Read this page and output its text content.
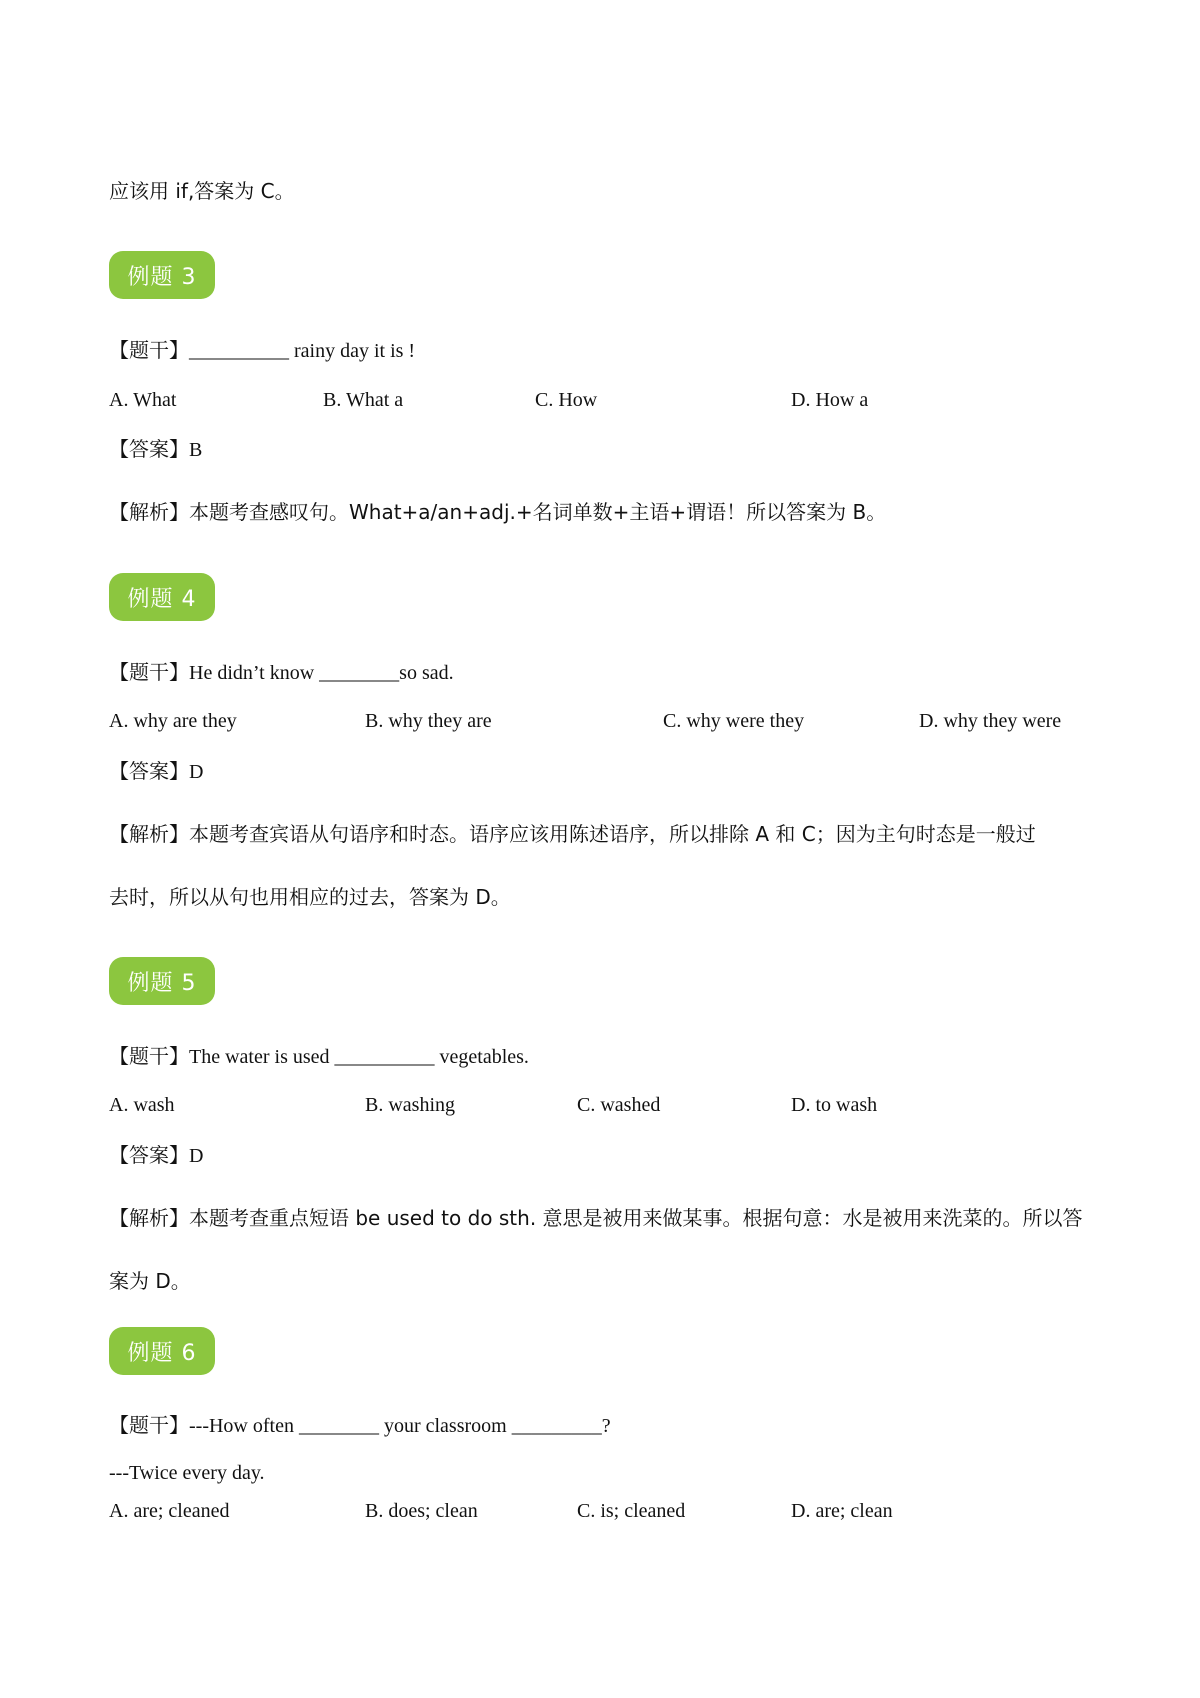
应该用 if,答案为 C。
例题 3
【题干】__________ rainy day it is !
A. What	B. What a	C. How	D. How a
【答案】B
【解析】本题考查感叹句。What+a/an+adj.+名词单数+主语+谓语！所以答案为 B。
例题 4
【题干】He didn’t know ________so sad.
A. why are they	B. why they are	C. why were they	D. why they were
【答案】D
【解析】本题考查宾语从句语序和时态。语序应该用陈述语序，所以排除 A 和 C；因为主句时态是一般过
去时，所以从句也用相应的过去，答案为 D。
例题 5
【题干】The water is used __________ vegetables.
A. wash	B. washing	C. washed	D. to wash
【答案】D
【解析】本题考查重点短语 be used to do sth. 意思是被用来做某事。根据句意：水是被用来洗菜的。所以答
案为 D。
例题 6
【题干】---How often ________ your classroom _________?
---Twice every day.
A. are; cleaned	B. does; clean	C. is; cleaned	D. are; clean
